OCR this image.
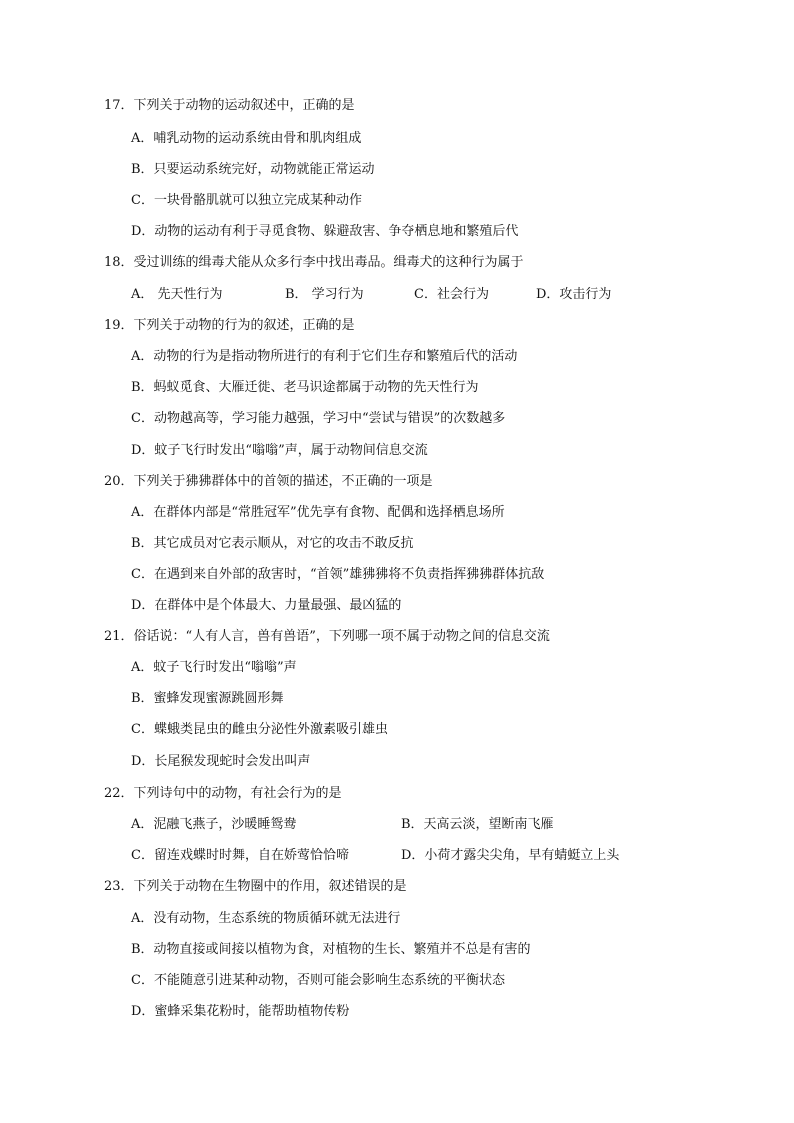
17．下列关于动物的运动叙述中，正确的是
A．哺乳动物的运动系统由骨和肌肉组成
B．只要运动系统完好，动物就能正常运动
C．一块骨骼肌就可以独立完成某种动作
D．动物的运动有利于寻觅食物、躲避敌害、争夺栖息地和繁殖后代
18．受过训练的缉毒犬能从众多行李中找出毒品。缉毒犬的这种行为属于
A． 先天性行为	B． 学习行为	C．社会行为	D．攻击行为
19．下列关于动物的行为的叙述，正确的是
A．动物的行为是指动物所进行的有利于它们生存和繁殖后代的活动
B．蚂蚁觅食、大雁迁徙、老马识途都属于动物的先天性行为
C．动物越高等，学习能力越强，学习中“尝试与错误”的次数越多
D．蚊子飞行时发出“嗡嗡”声，属于动物间信息交流
20．下列关于狒狒群体中的首领的描述，不正确的一项是
A．在群体内部是“常胜冠军”优先享有食物、配偶和选择栖息场所
B．其它成员对它表示顺从，对它的攻击不敢反抗
C．在遇到来自外部的敌害时，“首领”雄狒狒将不负责指挥狒狒群体抗敌
D．在群体中是个体最大、力量最强、最凶猛的
21．俗话说：“人有人言，兽有兽语”，下列哪一项不属于动物之间的信息交流
A．蚊子飞行时发出“嗡嗡”声
B．蜜蜂发现蜜源跳圆形舞
C．蝶蛾类昆虫的雌虫分泌性外激素吸引雄虫
D．长尾猴发现蛇时会发出叫声
22．下列诗句中的动物，有社会行为的是
A．泥融飞燕子，沙暖睡鸳鸯	B．天高云淡，望断南飞雁
C．留连戏蝶时时舞，自在娇莺恰恰啼	D．小荷才露尖尖角，早有蜻蜓立上头
23．下列关于动物在生物圈中的作用，叙述错误的是
A．没有动物，生态系统的物质循环就无法进行
B．动物直接或间接以植物为食，对植物的生长、繁殖并不总是有害的
C．不能随意引进某种动物，否则可能会影响生态系统的平衡状态
D．蜜蜂采集花粉时，能帮助植物传粉
